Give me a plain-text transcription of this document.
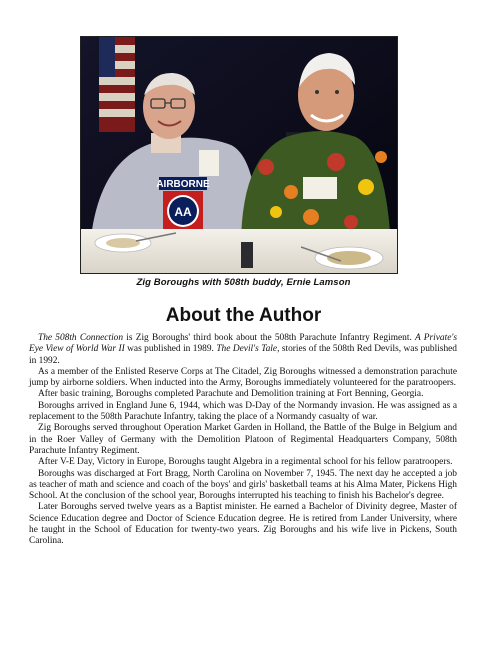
AIRBORNE
AA
Zig Boroughs with 508th buddy, Ernie Lamson
About the Author

The 508th Connection is Zig Boroughs' third book about the 508th Parachute Infantry Regiment. A Private's Eye View of World War II was published in 1989. The Devil's Tale, stories of the 508th Red Devils, was published in 1992.

As a member of the Enlisted Reserve Corps at The Citadel, Zig Boroughs witnessed a demonstration parachute jump by airborne soldiers. When inducted into the Army, Boroughs immediately volunteered for the paratroopers.

After basic training, Boroughs completed Parachute and Demolition training at Fort Benning, Georgia.

Boroughs arrived in England June 6, 1944, which was D-Day of the Normandy invasion. He was assigned as a replacement to the 508th Parachute Infantry, taking the place of a Normandy casualty of war.

Zig Boroughs served throughout Operation Market Garden in Holland, the Battle of the Bulge in Belgium and in the Roer Valley of Germany with the Demolition Platoon of Regimental Headquarters Company, 508th Parachute Infantry Regiment.

After V-E Day, Victory in Europe, Boroughs taught Algebra in a regimental school for his fellow paratroopers.

Boroughs was discharged at Fort Bragg, North Carolina on November 7, 1945. The next day he accepted a job as teacher of math and science and coach of the boys' and girls' basketball teams at his Alma Mater, Pickens High School. At the conclusion of the school year, Boroughs interrupted his teaching to finish his Bachelor's degree.

Later Boroughs served twelve years as a Baptist minister. He earned a Bachelor of Divinity degree, Master of Science Education degree and Doctor of Science Education degree. He is retired from Lander University, where he taught in the School of Education for twenty-two years. Zig Boroughs and his wife live in Pickens, South Carolina.
